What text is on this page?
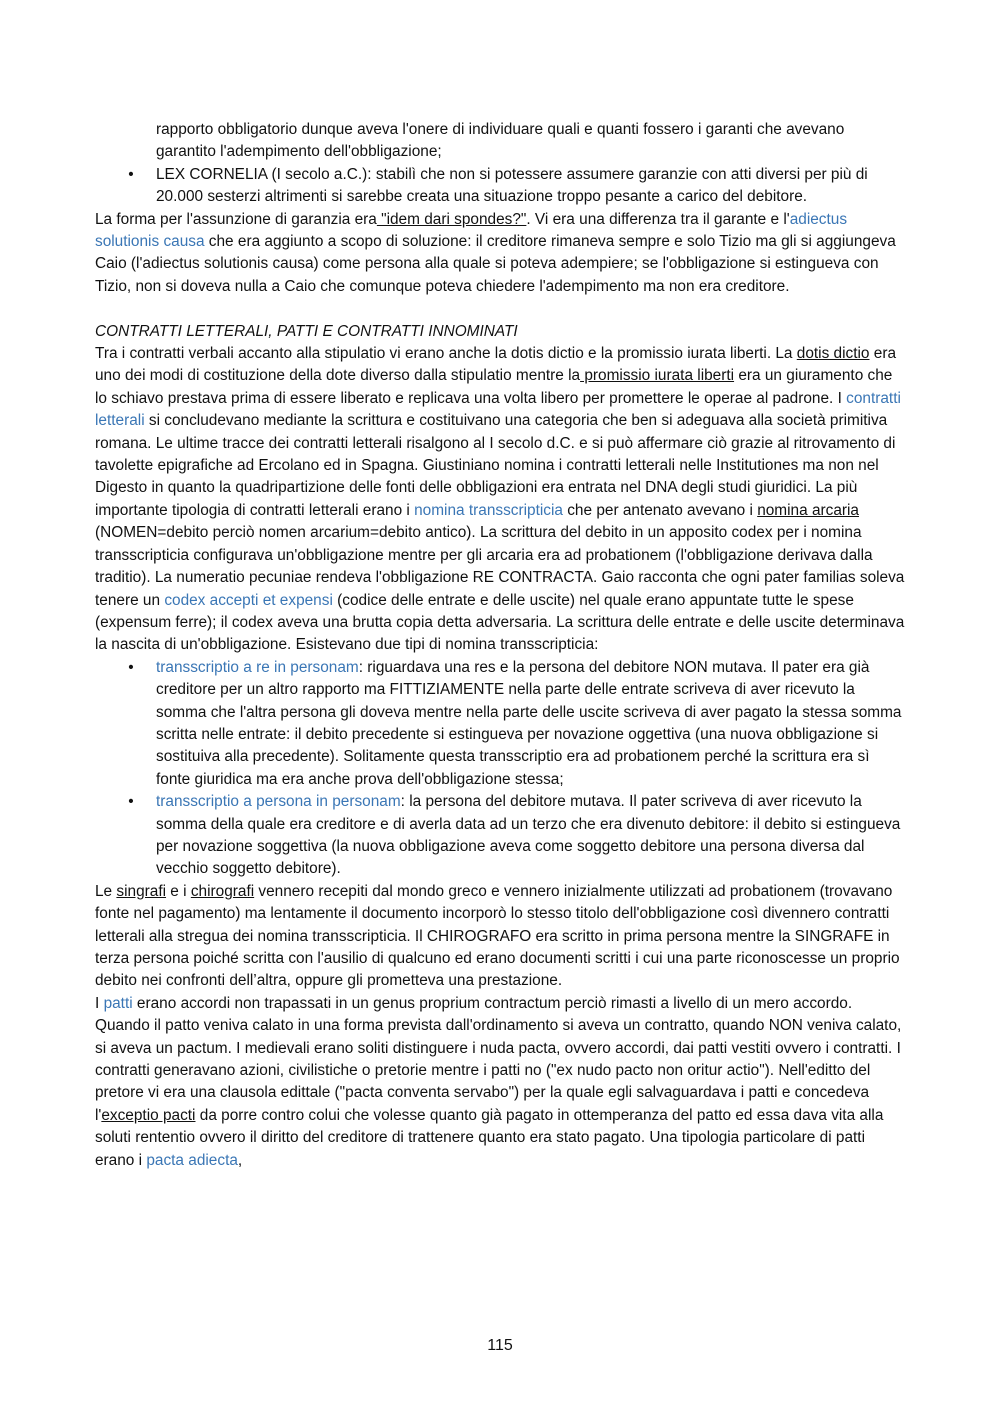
rapporto obbligatorio dunque aveva l'onere di individuare quali e quanti fossero i garanti che avevano garantito l'adempimento dell'obbligazione;

• LEX CORNELIA (I secolo a.C.): stabilì che non si potessere assumere garanzie con atti diversi per più di 20.000 sesterzi altrimenti si sarebbe creata una situazione troppo pesante a carico del debitore.

La forma per l'assunzione di garanzia era "idem dari spondes?". Vi era una differenza tra il garante e l'adiectus solutionis causa che era aggiunto a scopo di soluzione: il creditore rimaneva sempre e solo Tizio ma gli si aggiungeva Caio (l'adiectus solutionis causa) come persona alla quale si poteva adempiere; se l'obbligazione si estingueva con Tizio, non si doveva nulla a Caio che comunque poteva chiedere l'adempimento ma non era creditore.

CONTRATTI LETTERALI, PATTI E CONTRATTI INNOMINATI

Tra i contratti verbali accanto alla stipulatio vi erano anche la dotis dictio e la promissio iurata liberti. La dotis dictio era uno dei modi di costituzione della dote diverso dalla stipulatio mentre la promissio iurata liberti era un giuramento che lo schiavo prestava prima di essere liberato e replicava una volta libero per promettere le operae al padrone. I contratti letterali si concludevano mediante la scrittura e costituivano una categoria che ben si adeguava alla società primitiva romana. Le ultime tracce dei contratti letterali risalgono al I secolo d.C. e si può affermare ciò grazie al ritrovamento di tavolette epigrafiche ad Ercolano ed in Spagna. Giustiniano nomina i contratti letterali nelle Institutiones ma non nel Digesto in quanto la quadripartizione delle fonti delle obbligazioni era entrata nel DNA degli studi giuridici. La più importante tipologia di contratti letterali erano i nomina transscripticia che per antenato avevano i nomina arcaria (NOMEN=debito perciò nomen arcarium=debito antico). La scrittura del debito in un apposito codex per i nomina transscripticia configurava un'obbligazione mentre per gli arcaria era ad probationem (l'obbligazione derivava dalla traditio). La numeratio pecuniae rendeva l'obbligazione RE CONTRACTA. Gaio racconta che ogni pater familias soleva tenere un codex accepti et expensi (codice delle entrate e delle uscite) nel quale erano appuntate tutte le spese (expensum ferre); il codex aveva una brutta copia detta adversaria. La scrittura delle entrate e delle uscite determinava la nascita di un'obbligazione. Esistevano due tipi di nomina transscripticia:

• transscriptio a re in personam: riguardava una res e la persona del debitore NON mutava. Il pater era già creditore per un altro rapporto ma FITTIZIAMENTE nella parte delle entrate scriveva di aver ricevuto la somma che l'altra persona gli doveva mentre nella parte delle uscite scriveva di aver pagato la stessa somma scritta nelle entrate: il debito precedente si estingueva per novazione oggettiva (una nuova obbligazione si sostituiva alla precedente). Solitamente questa transscriptio era ad probationem perché la scrittura era sì fonte giuridica ma era anche prova dell'obbligazione stessa;
• transscriptio a persona in personam: la persona del debitore mutava. Il pater scriveva di aver ricevuto la somma della quale era creditore e di averla data ad un terzo che era divenuto debitore: il debito si estingueva per novazione soggettiva (la nuova obbligazione aveva come soggetto debitore una persona diversa dal vecchio soggetto debitore).

Le singrafi e i chirografi vennero recepiti dal mondo greco e vennero inizialmente utilizzati ad probationem (trovavano fonte nel pagamento) ma lentamente il documento incorporò lo stesso titolo dell'obbligazione così divennero contratti letterali alla stregua dei nomina transscripticia. Il CHIROGRAFO era scritto in prima persona mentre la SINGRAFE in terza persona poiché scritta con l'ausilio di qualcuno ed erano documenti scritti i cui una parte riconoscesse un proprio debito nei confronti dell’altra, oppure gli prometteva una prestazione.

I patti erano accordi non trapassati in un genus proprium contractum perciò rimasti a livello di un mero accordo. Quando il patto veniva calato in una forma prevista dall'ordinamento si aveva un contratto, quando NON veniva calato, si aveva un pactum. I medievali erano soliti distinguere i nuda pacta, ovvero accordi, dai patti vestiti ovvero i contratti. I contratti generavano azioni, civilistiche o pretorie mentre i patti no ("ex nudo pacto non oritur actio"). Nell'editto del pretore vi era una clausola edittale ("pacta conventa servabo") per la quale egli salvaguardava i patti e concedeva l'exceptio pacti da porre contro colui che volesse quanto già pagato in ottemperanza del patto ed essa dava vita alla soluti rententio ovvero il diritto del creditore di trattenere quanto era stato pagato. Una tipologia particolare di patti erano i pacta adiecta,

115
